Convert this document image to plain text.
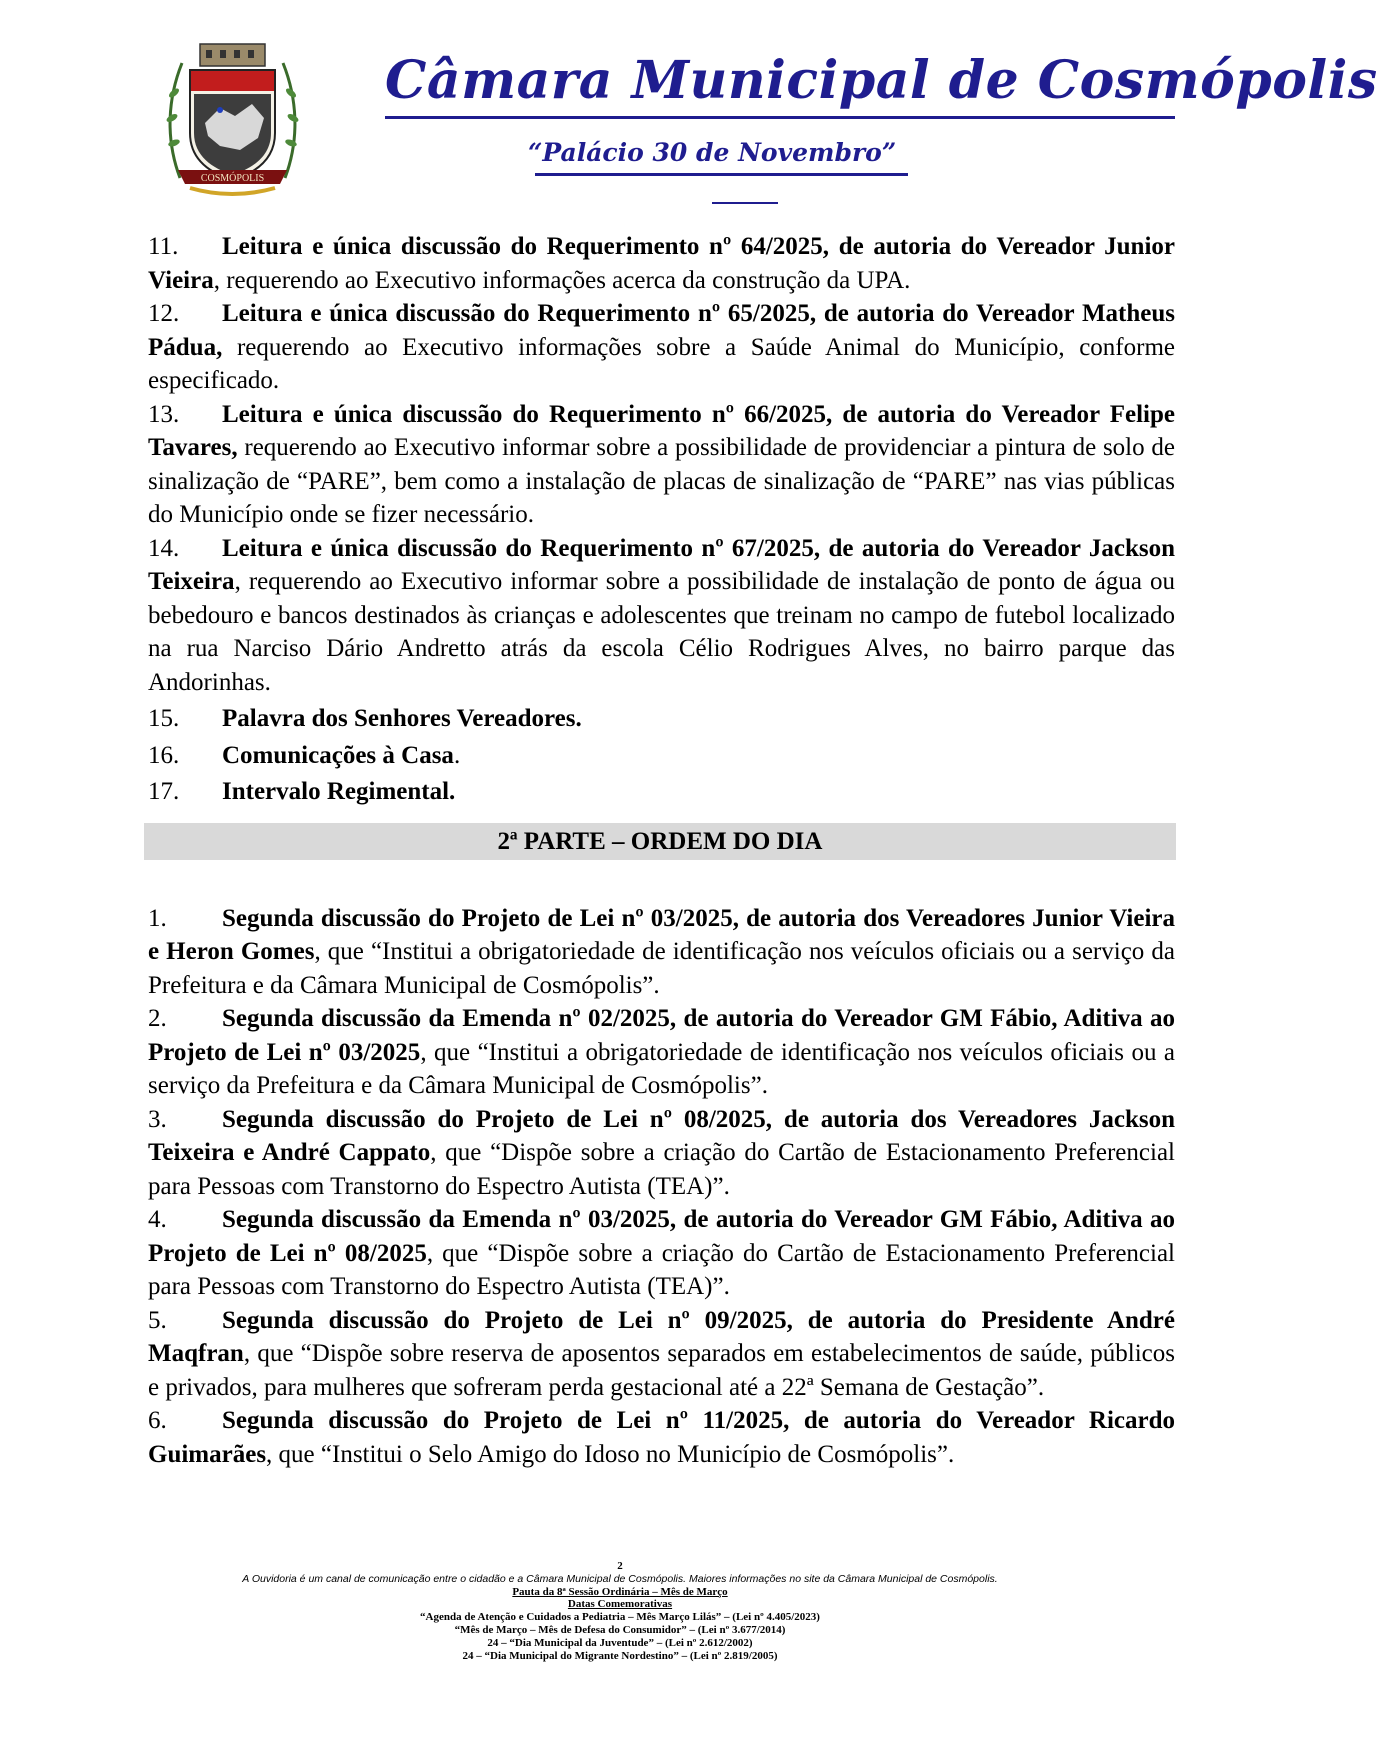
COSMÓPOLIS
Câmara Municipal de Cosmópolis
“Palácio 30 de Novembro”

11. Leitura e única discussão do Requerimento nº 64/2025, de autoria do Vereador Junior Vieira, requerendo ao Executivo informações acerca da construção da UPA.

12. Leitura e única discussão do Requerimento nº 65/2025, de autoria do Vereador Matheus Pádua, requerendo ao Executivo informações sobre a Saúde Animal do Município, conforme especificado.

13. Leitura e única discussão do Requerimento nº 66/2025, de autoria do Vereador Felipe Tavares, requerendo ao Executivo informar sobre a possibilidade de providenciar a pintura de solo de sinalização de “PARE”, bem como a instalação de placas de sinalização de “PARE” nas vias públicas do Município onde se fizer necessário.

14. Leitura e única discussão do Requerimento nº 67/2025, de autoria do Vereador Jackson Teixeira, requerendo ao Executivo informar sobre a possibilidade de instalação de ponto de água ou bebedouro e bancos destinados às crianças e adolescentes que treinam no campo de futebol localizado na rua Narciso Dário Andretto atrás da escola Célio Rodrigues Alves, no bairro parque das Andorinhas.

15. Palavra dos Senhores Vereadores.

16. Comunicações à Casa.

17. Intervalo Regimental.

2ª PARTE – ORDEM DO DIA

1. Segunda discussão do Projeto de Lei nº 03/2025, de autoria dos Vereadores Junior Vieira e Heron Gomes, que “Institui a obrigatoriedade de identificação nos veículos oficiais ou a serviço da Prefeitura e da Câmara Municipal de Cosmópolis”.

2. Segunda discussão da Emenda nº 02/2025, de autoria do Vereador GM Fábio, Aditiva ao Projeto de Lei nº 03/2025, que “Institui a obrigatoriedade de identificação nos veículos oficiais ou a serviço da Prefeitura e da Câmara Municipal de Cosmópolis”.

3. Segunda discussão do Projeto de Lei nº 08/2025, de autoria dos Vereadores Jackson Teixeira e André Cappato, que “Dispõe sobre a criação do Cartão de Estacionamento Preferencial para Pessoas com Transtorno do Espectro Autista (TEA)”.

4. Segunda discussão da Emenda nº 03/2025, de autoria do Vereador GM Fábio, Aditiva ao Projeto de Lei nº 08/2025, que “Dispõe sobre a criação do Cartão de Estacionamento Preferencial para Pessoas com Transtorno do Espectro Autista (TEA)”.

5. Segunda discussão do Projeto de Lei nº 09/2025, de autoria do Presidente André Maqfran, que “Dispõe sobre reserva de aposentos separados em estabelecimentos de saúde, públicos e privados, para mulheres que sofreram perda gestacional até a 22ª Semana de Gestação”.

6. Segunda discussão do Projeto de Lei nº 11/2025, de autoria do Vereador Ricardo Guimarães, que “Institui o Selo Amigo do Idoso no Município de Cosmópolis”.

2
A Ouvidoria é um canal de comunicação entre o cidadão e a Câmara Municipal de Cosmópolis. Maiores informações no site da Câmara Municipal de Cosmópolis.
Pauta da 8ª Sessão Ordinária – Mês de Março
Datas Comemorativas
“Agenda de Atenção e Cuidados a Pediatria – Mês Março Lilás” – (Lei nº 4.405/2023)
“Mês de Março – Mês de Defesa do Consumidor” – (Lei nº 3.677/2014)
24 – “Dia Municipal da Juventude” – (Lei nº 2.612/2002)
24 – “Dia Municipal do Migrante Nordestino” – (Lei nº 2.819/2005)
